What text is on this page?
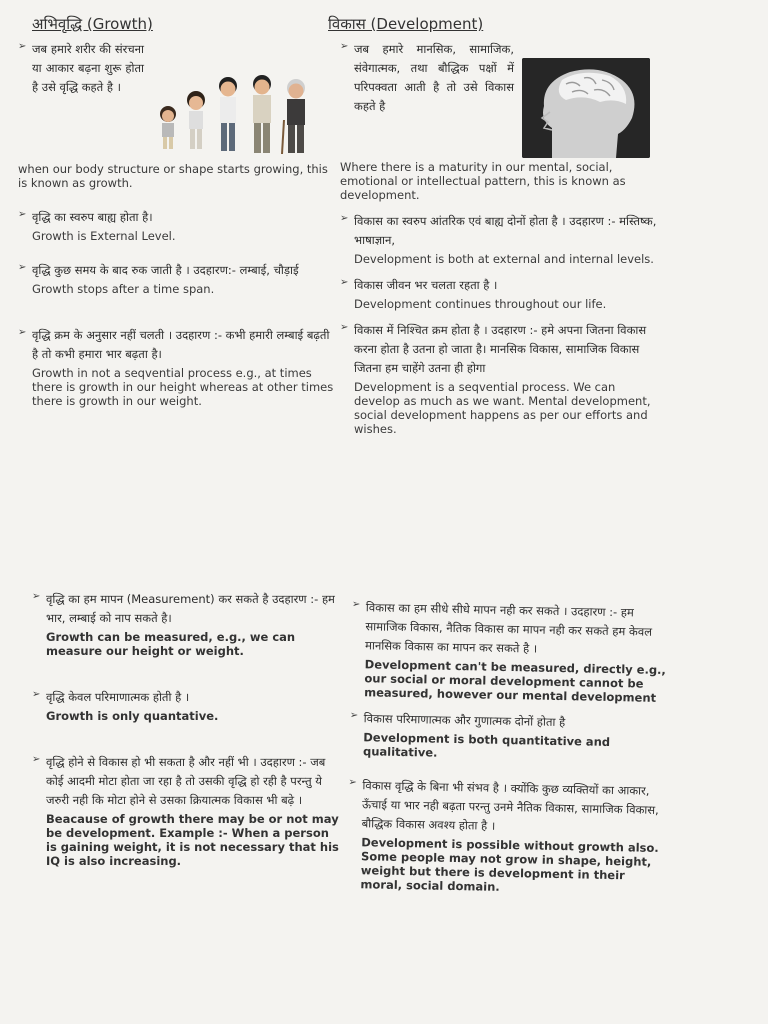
अभिवृद्धि (Growth)
➢ जब हमारे शरीर की संरचना या आकार बढ़ना शुरू होता है उसे वृद्धि कहते है ।

when our body structure or shape starts growing, this is known as growth.

➢ वृद्धि का स्वरुप बाह्य होता है।

Growth is External Level.

➢ वृद्धि कुछ समय के बाद रुक जाती है । उदहारण:- लम्बाई, चौड़ाई

Growth stops after a time span.

➢ वृद्धि क्रम के अनुसार नहीं चलती । उदहारण :- कभी हमारी लम्बाई बढ़ती है तो कभी हमारा भार बढ़ता है।

Growth in not a seqvential process e.g., at times there is growth in our height whereas at other times there is growth in our weight.

विकास (Development)
➢ जब हमारे मानसिक, सामाजिक, संवेगात्मक, तथा बौद्धिक पक्षों में परिपक्वता आती है तो उसे विकास कहते है

Where there is a maturity in our mental, social, emotional or intellectual pattern, this is known as development.

➢ विकास का स्वरुप आंतरिक एवं बाह्य दोनों होता है । उदहारण :- मस्तिष्क, भाषाज्ञान,

Development is both at external and internal levels.

➢ विकास जीवन भर चलता रहता है ।

Development continues throughout our life.

➢ विकास में निश्चित क्रम होता है । उदहारण :- हमे अपना जितना विकास करना होता है उतना हो जाता है। मानसिक विकास, सामाजिक विकास जितना हम चाहेंगे उतना ही होगा

Development is a seqvential process. We can develop as much as we want. Mental development, social development happens as per our efforts and wishes.

➢ वृद्धि का हम मापन (Measurement) कर सकते है उदहारण :- हम भार, लम्बाई को नाप सकते है।

Growth can be measured, e.g., we can measure our height or weight.

➢ वृद्धि केवल परिमाणात्मक होती है ।

Growth is only quantative.

➢ वृद्धि होने से विकास हो भी सकता है और नहीं भी । उदहारण :- जब कोई आदमी मोटा होता जा रहा है तो उसकी वृद्धि हो रही है परन्तु ये जरुरी नही कि मोटा होने से उसका क्रियात्मक विकास भी बढ़े ।

Beacause of growth there may be or not may be development. Example :- When a person is gaining weight, it is not necessary that his IQ is also increasing.

➢ विकास का हम सीधे सीधे मापन नही कर सकते । उदहारण :- हम सामाजिक विकास, नैतिक विकास का मापन नही कर सकते हम केवल मानसिक विकास का मापन कर सकते है ।

Development can't be measured, directly e.g., our social or moral development cannot be measured, however our mental development

➢ विकास परिमाणात्मक और गुणात्मक दोनों होता है

Development is both quantitative and qualitative.

➢ विकास वृद्धि के बिना भी संभव है । क्योंकि कुछ व्यक्तियों का आकार, ऊँचाई या भार नही बढ़ता परन्तु उनमे नैतिक विकास, सामाजिक विकास, बौद्धिक विकास अवश्य होता है ।

Development is possible without growth also. Some people may not grow in shape, height, weight but there is development in their moral, social domain.
